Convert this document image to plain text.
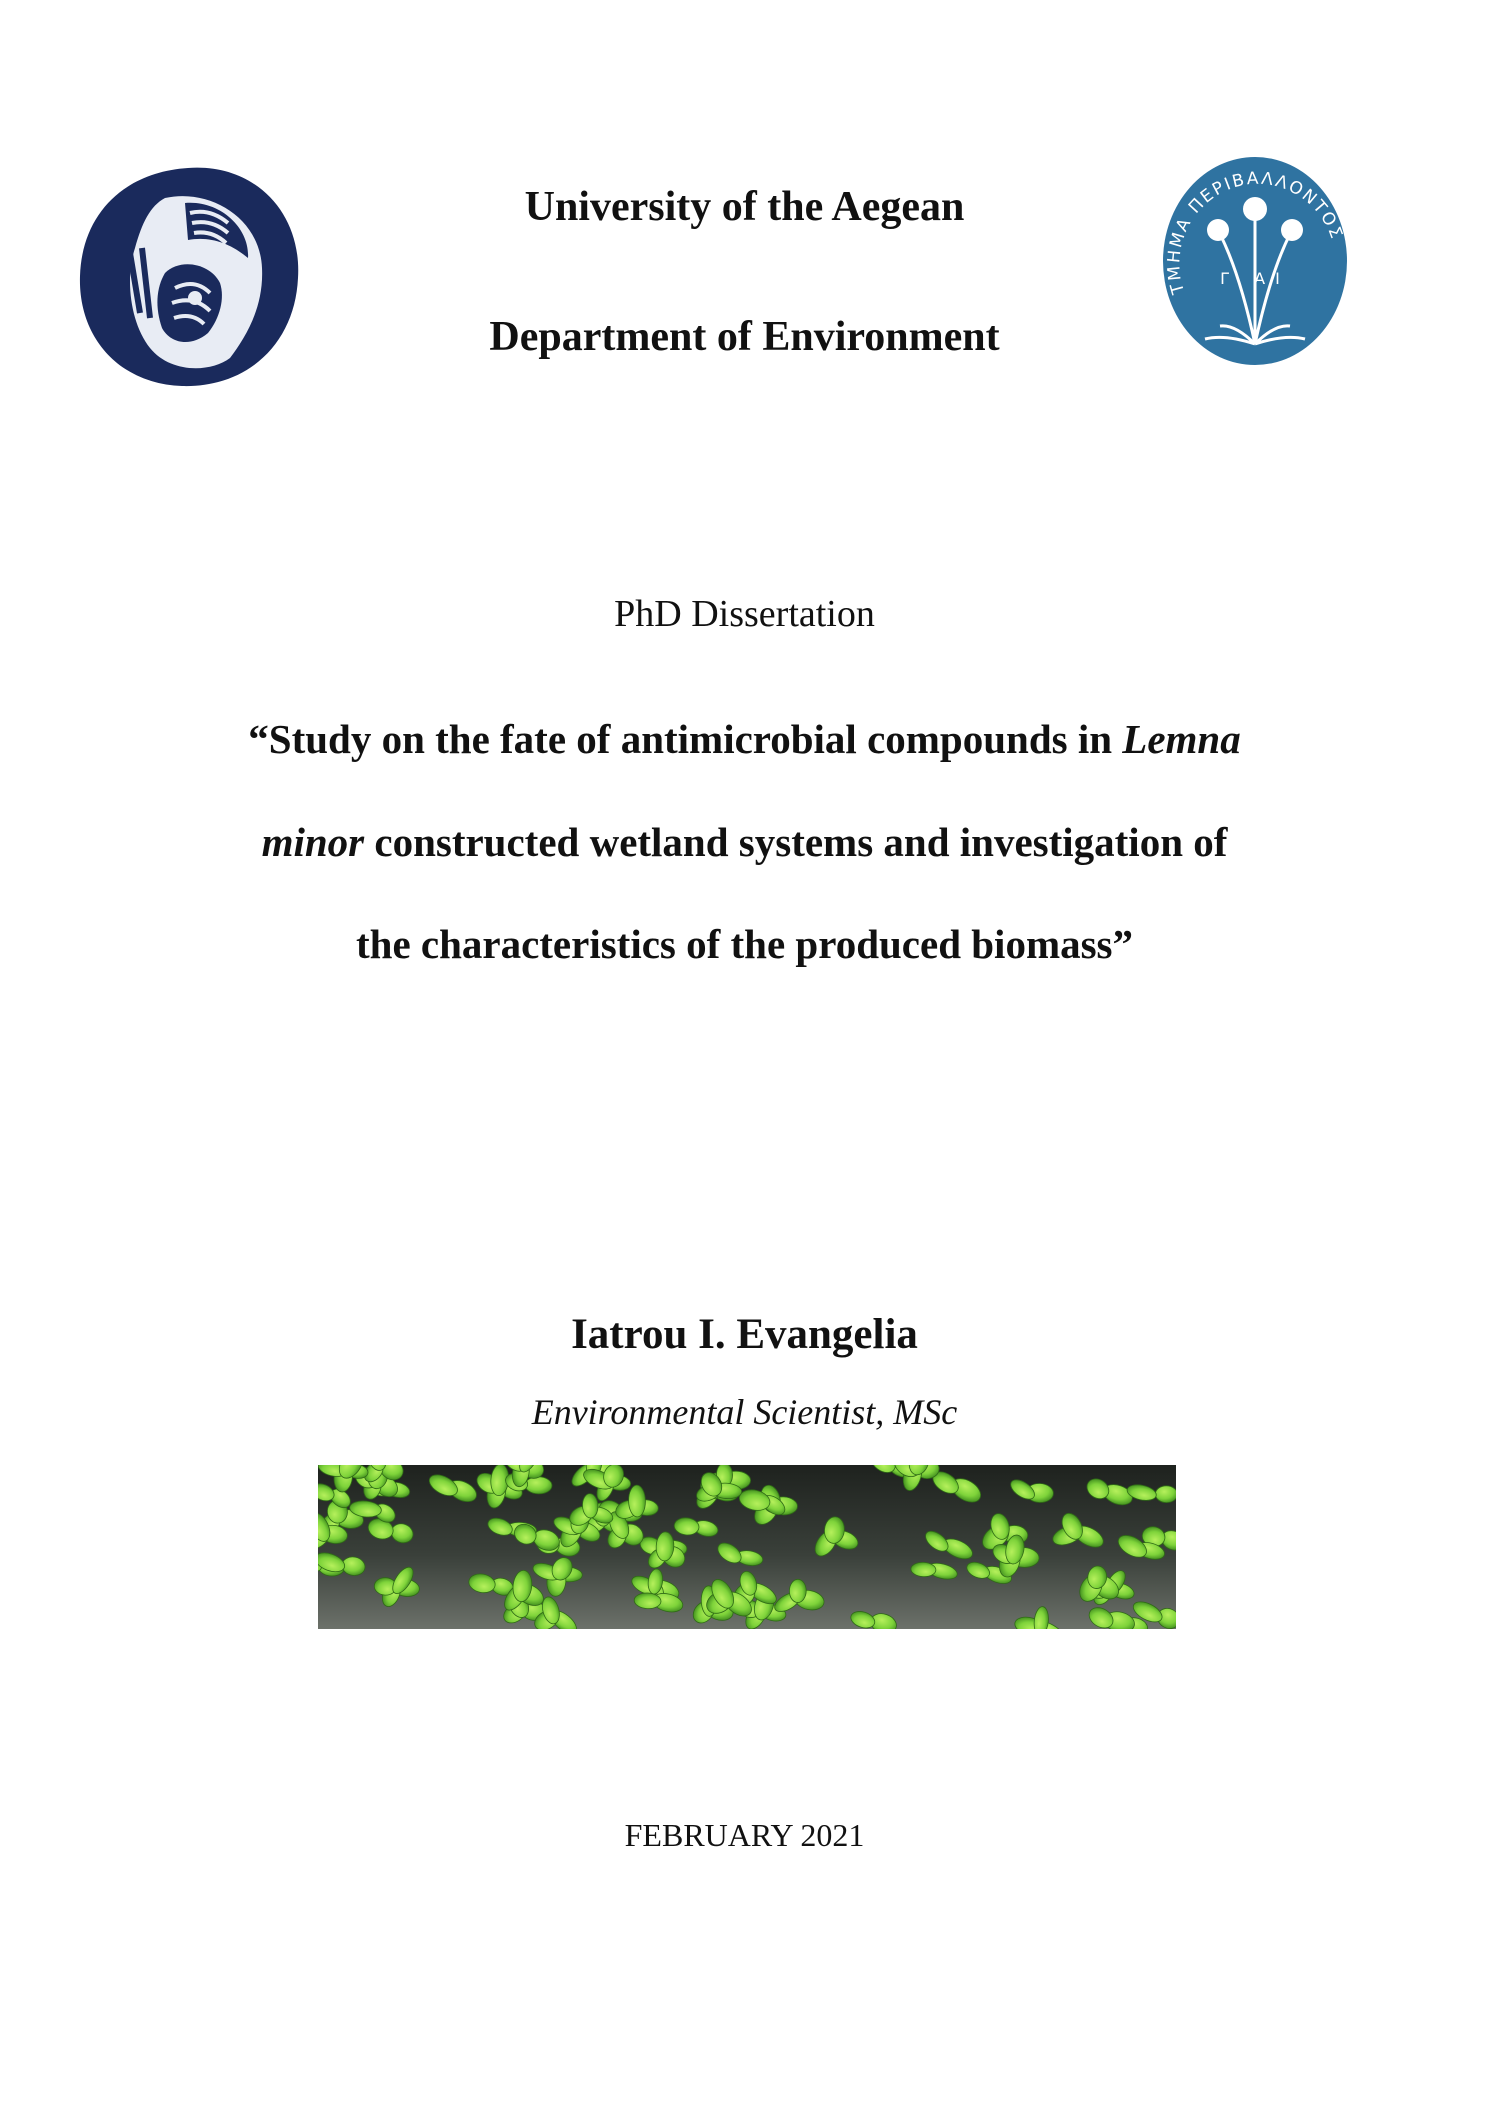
ΤΜΗΜΑ ΠΕΡΙΒΑΛΛΟΝΤΟΣ
Γ ΑΙ
University of the Aegean
Department of Environment
PhD Dissertation
“Study on the fate of antimicrobial compounds in Lemna
minor constructed wetland systems and investigation of
the characteristics of the produced biomass”
Iatrou I. Evangelia
Environmental Scientist, MSc
FEBRUARY 2021
